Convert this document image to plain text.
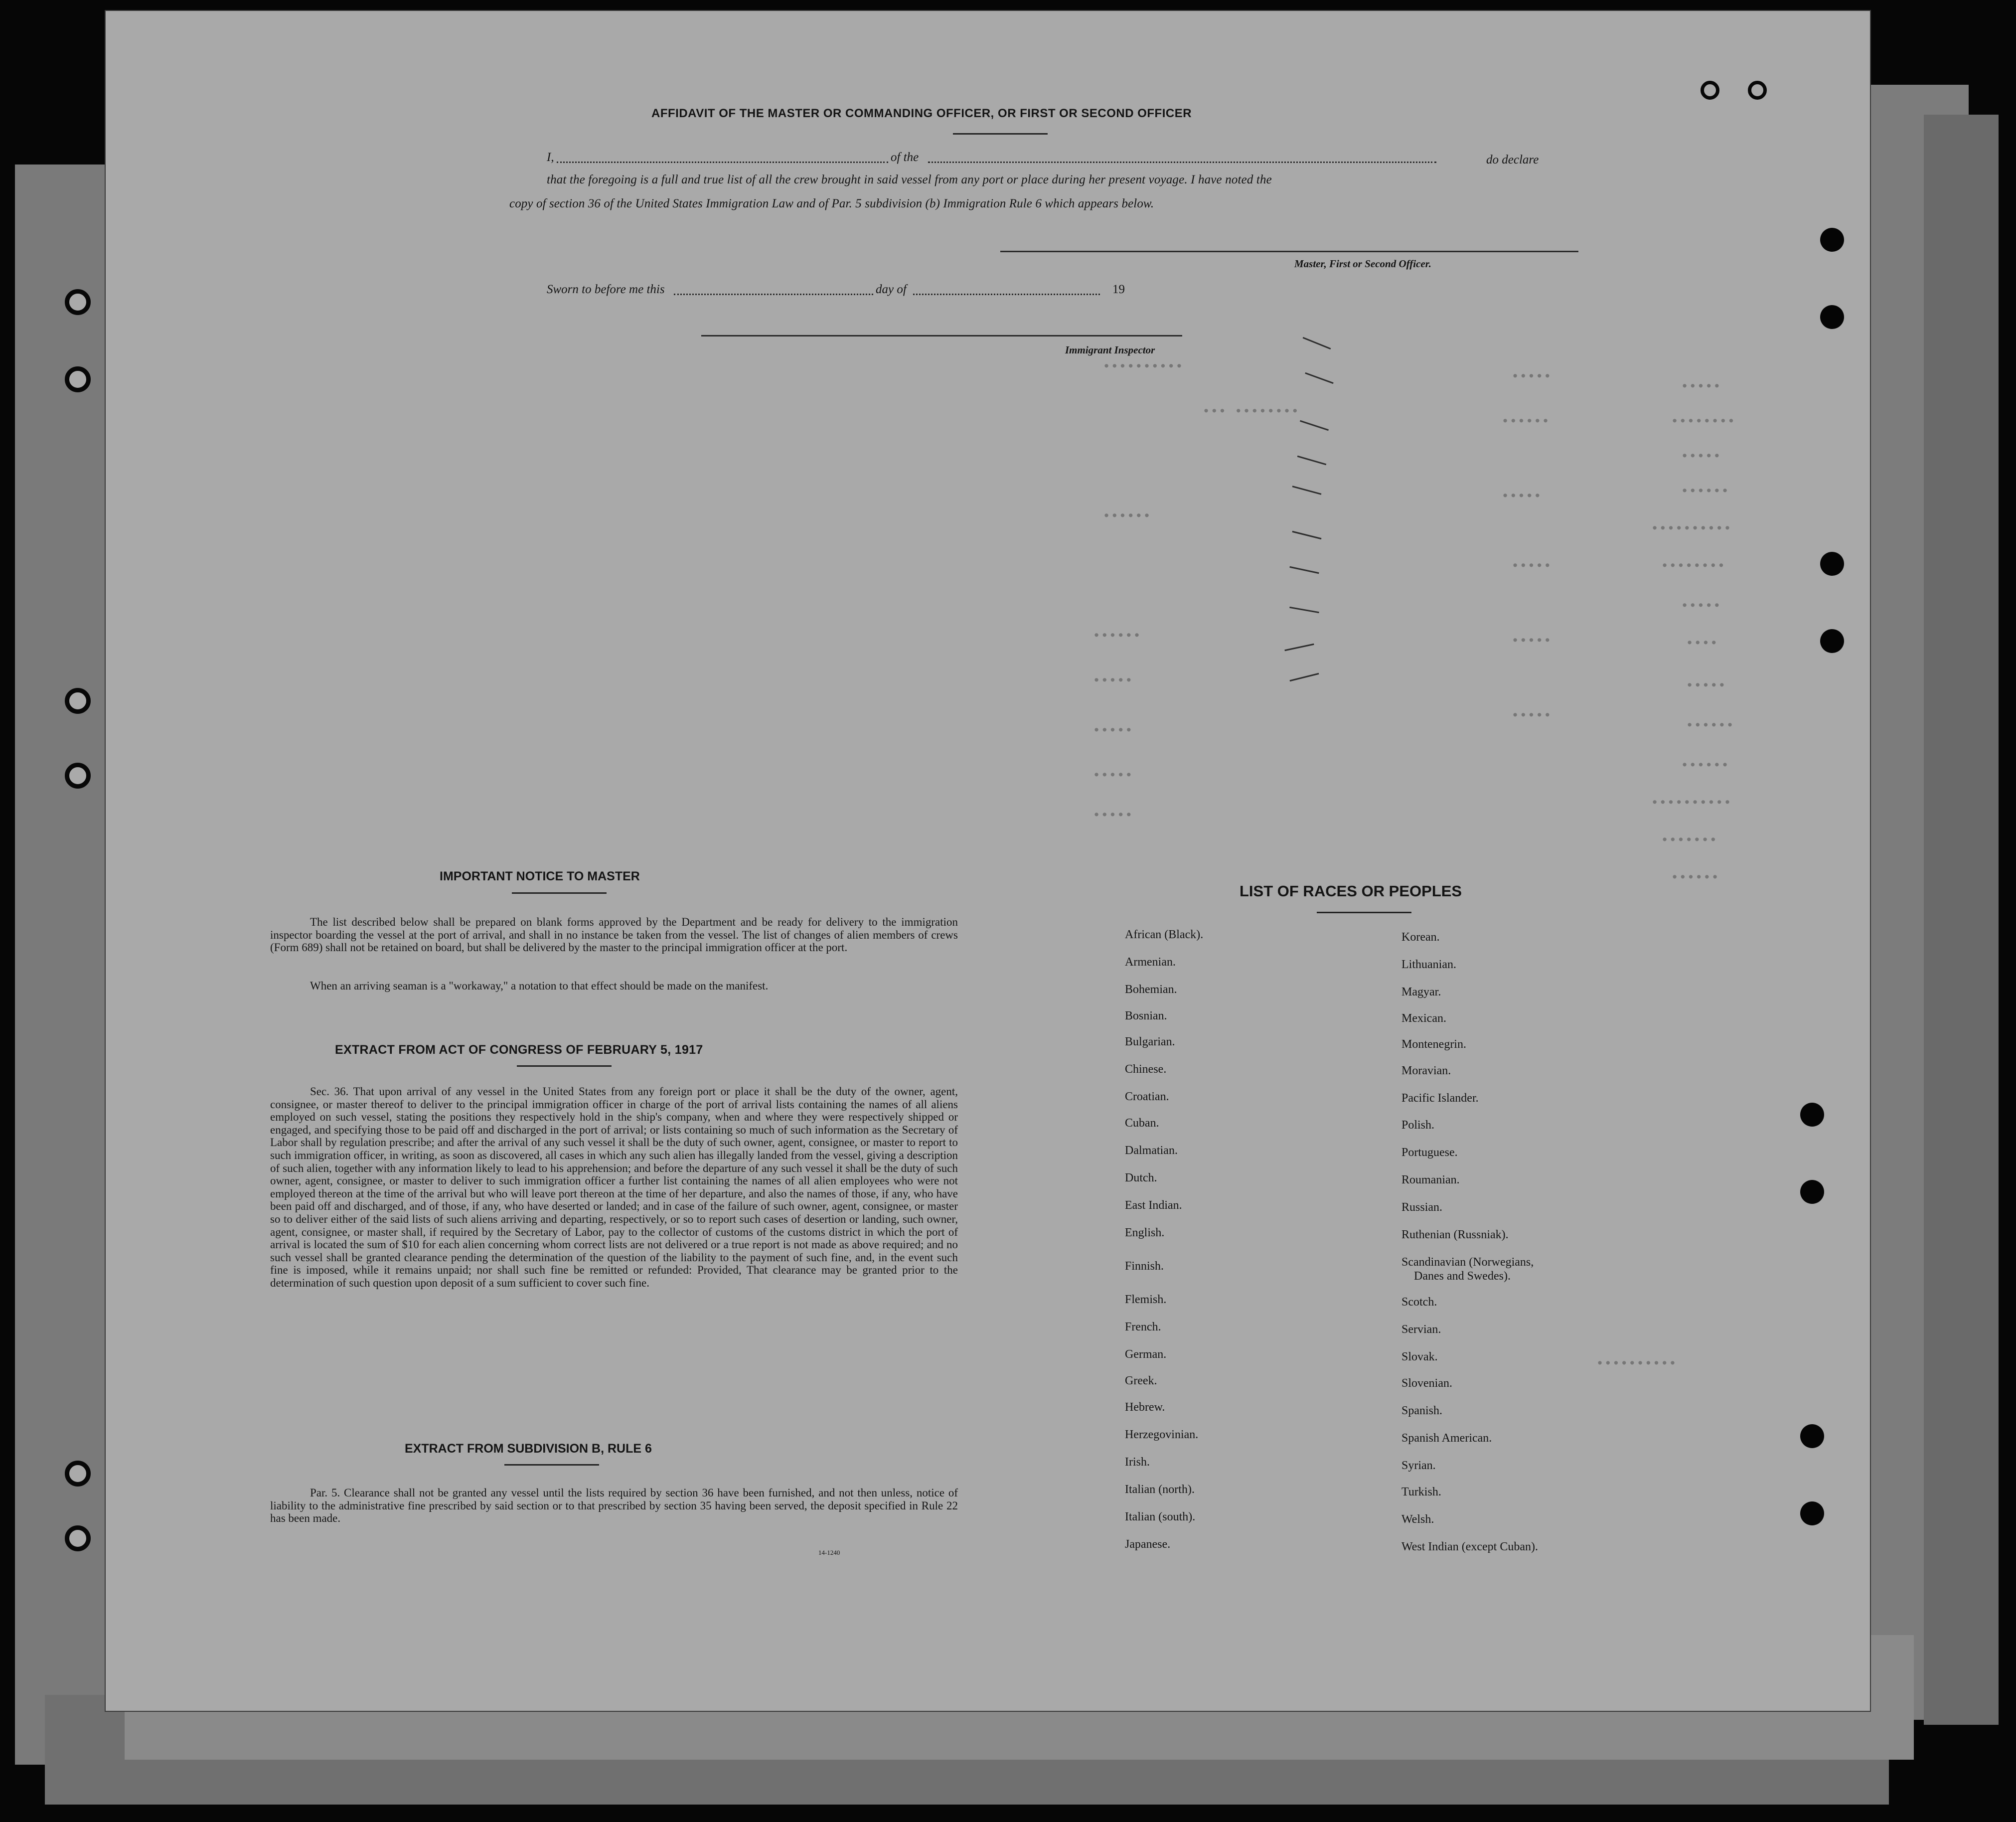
•••••
••••••••
•••••
••••••
••••••••••
••••••••
•••••
••••
•••••
••••••
••••••
••••••••••
•••••••
••••••
•••••
••••••
•••••
•••••
•••••
•••••
••••••••••
••• ••••••••
••••••
••••••
•••••
•••••
•••••
•••••
••••••••••
AFFIDAVIT OF THE MASTER OR COMMANDING OFFICER, OR FIRST OR SECOND OFFICER
I,	of the	do declare
that the foregoing is a full and true list of all the crew brought in said vessel from any port or place during her present voyage. I have noted the
copy of section 36 of the United States Immigration Law and of Par. 5 subdivision (b) Immigration Rule 6 which appears below.
Master, First or Second Officer.
Sworn to before me this	day of	19
Immigrant Inspector
IMPORTANT NOTICE TO MASTER
The list described below shall be prepared on blank forms approved by the Department and be ready for delivery to the immigration inspector boarding the vessel at the port of arrival, and shall in no instance be taken from the vessel. The list of changes of alien members of crews (Form 689) shall not be retained on board, but shall be delivered by the master to the principal immigration officer at the port.
When an arriving seaman is a "workaway," a notation to that effect should be made on the manifest.
EXTRACT FROM ACT OF CONGRESS OF FEBRUARY 5, 1917
Sec. 36. That upon arrival of any vessel in the United States from any foreign port or place it shall be the duty of the owner, agent, consignee, or master thereof to deliver to the principal immigration officer in charge of the port of arrival lists containing the names of all aliens employed on such vessel, stating the positions they respectively hold in the ship's company, when and where they were respectively shipped or engaged, and specifying those to be paid off and discharged in the port of arrival; or lists containing so much of such information as the Secretary of Labor shall by regulation prescribe; and after the arrival of any such vessel it shall be the duty of such owner, agent, consignee, or master to report to such immigration officer, in writing, as soon as discovered, all cases in which any such alien has illegally landed from the vessel, giving a description of such alien, together with any information likely to lead to his apprehension; and before the departure of any such vessel it shall be the duty of such owner, agent, consignee, or master to deliver to such immigration officer a further list containing the names of all alien employees who were not employed thereon at the time of the arrival but who will leave port thereon at the time of her departure, and also the names of those, if any, who have been paid off and discharged, and of those, if any, who have deserted or landed; and in case of the failure of such owner, agent, consignee, or master so to deliver either of the said lists of such aliens arriving and departing, respectively, or so to report such cases of desertion or landing, such owner, agent, consignee, or master shall, if required by the Secretary of Labor, pay to the collector of customs of the customs district in which the port of arrival is located the sum of $10 for each alien concerning whom correct lists are not delivered or a true report is not made as above required; and no such vessel shall be granted clearance pending the determination of the question of the liability to the payment of such fine, and, in the event such fine is imposed, while it remains unpaid; nor shall such fine be remitted or refunded: Provided, That clearance may be granted prior to the determination of such question upon deposit of a sum sufficient to cover such fine.
EXTRACT FROM SUBDIVISION B, RULE 6
Par. 5. Clearance shall not be granted any vessel until the lists required by section 36 have been furnished, and not then unless, notice of liability to the administrative fine prescribed by said section or to that prescribed by section 35 having been served, the deposit specified in Rule 22 has been made.
14-1240
LIST OF RACES OR PEOPLES
African (Black).
Armenian.
Bohemian.
Bosnian.
Bulgarian.
Chinese.
Croatian.
Cuban.
Dalmatian.
Dutch.
East Indian.
English.
Finnish.
Flemish.
French.
German.
Greek.
Hebrew.
Herzegovinian.
Irish.
Italian (north).
Italian (south).
Japanese.
Korean.
Lithuanian.
Magyar.
Mexican.
Montenegrin.
Moravian.
Pacific Islander.
Polish.
Portuguese.
Roumanian.
Russian.
Ruthenian (Russniak).
Scandinavian (Norwegians,
Danes and Swedes).
Scotch.
Servian.
Slovak.
Slovenian.
Spanish.
Spanish American.
Syrian.
Turkish.
Welsh.
West Indian (except Cuban).
